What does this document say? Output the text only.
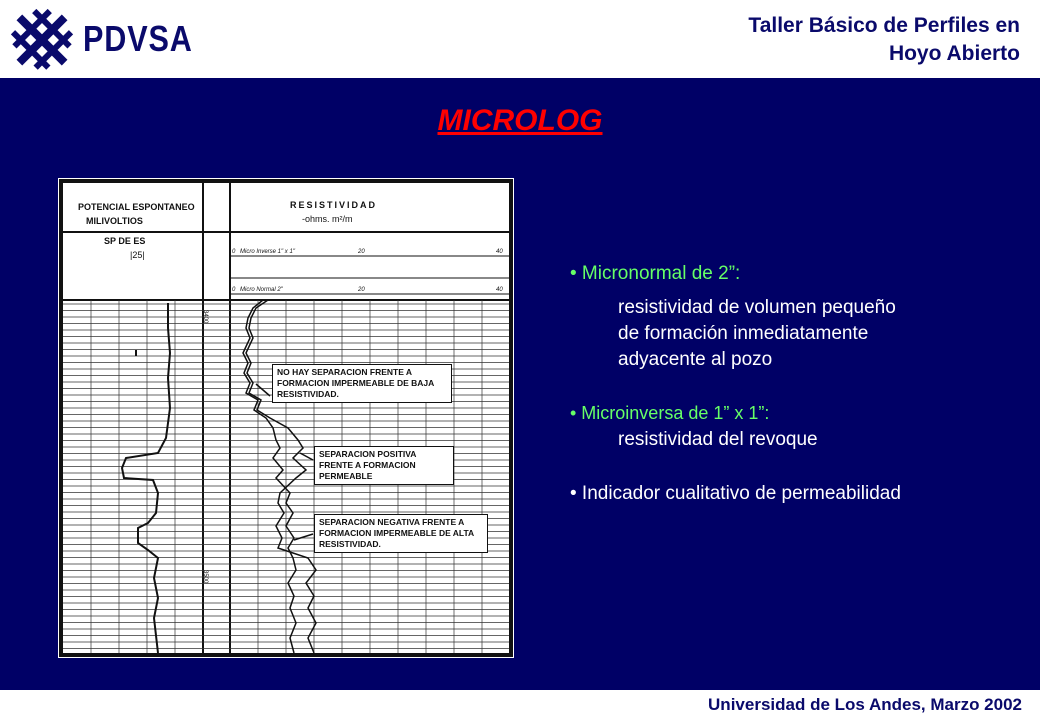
PDVSA	Taller Básico de Perfiles en
Hoyo Abierto
MICROLOG
POTENCIAL ESPONTANEO
MILIVOLTIOS
SP DE ES
|25|
RESISTIVIDAD
-ohms. m²/m
0 Micro Inverse 1" x 1"	20	40
0 Micro Normal 2"	20	40
3400
3500
NO HAY SEPARACION FRENTE A FORMACION IMPERMEABLE DE BAJA RESISTIVIDAD.
SEPARACION POSITIVA FRENTE A FORMACION PERMEABLE
SEPARACION NEGATIVA FRENTE A FORMACION IMPERMEABLE DE ALTA RESISTIVIDAD.
• Micronormal de 2”:
resistividad de volumen pequeño
de formación inmediatamente
adyacente al pozo
• Microinversa de 1” x 1”:
resistividad del revoque
• Indicador cualitativo de permeabilidad
Universidad de Los Andes, Marzo 2002
